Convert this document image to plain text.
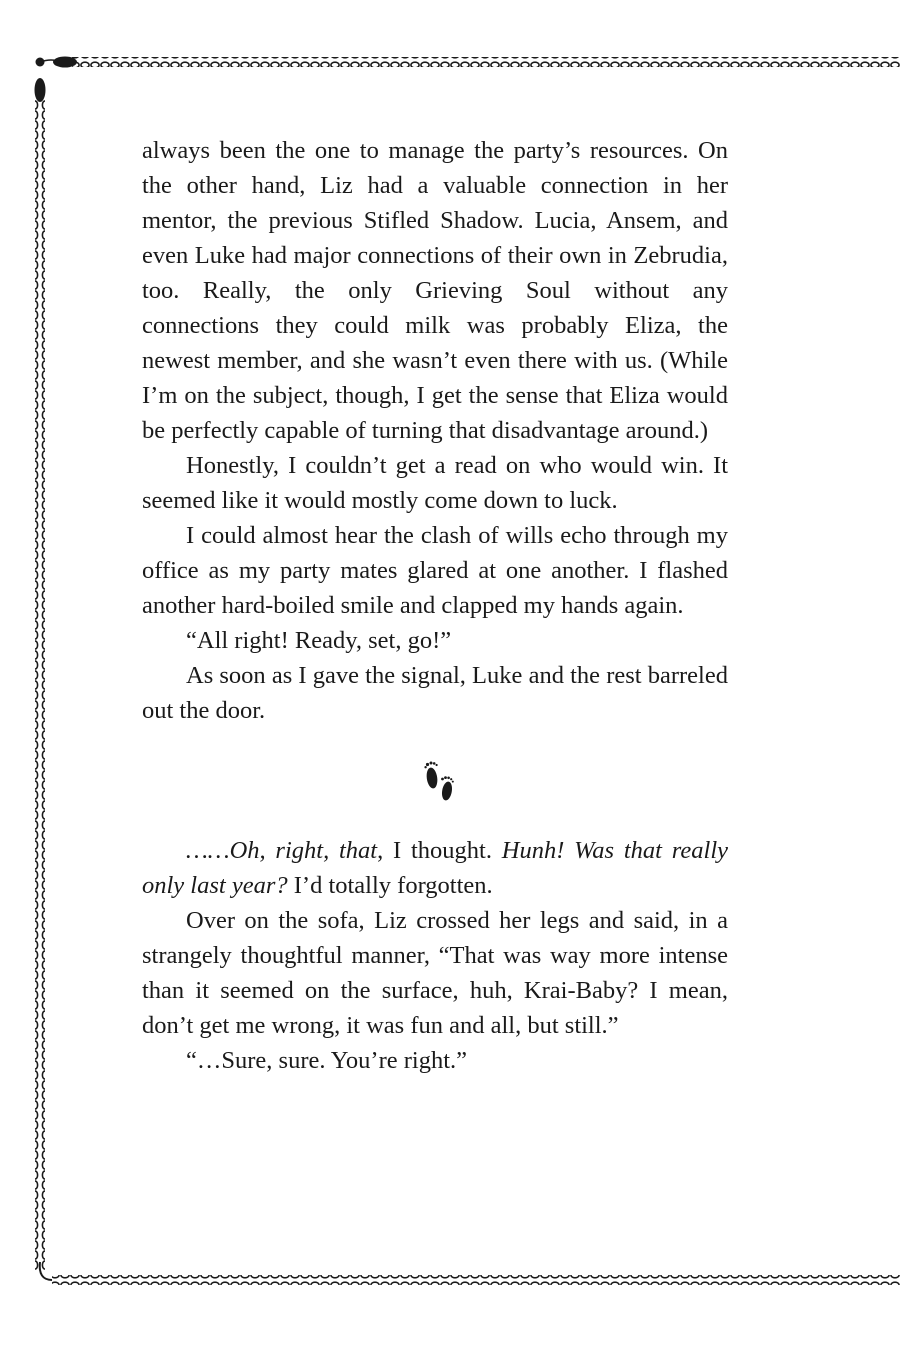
always been the one to manage the party’s resources. On the other hand, Liz had a valuable connection in her mentor, the previous Stifled Shadow. Lucia, Ansem, and even Luke had major connections of their own in Zebrudia, too. Really, the only Grieving Soul without any connections they could milk was probably Eliza, the newest member, and she wasn’t even there with us. (While I’m on the subject, though, I get the sense that Eliza would be perfectly capable of turning that disadvantage around.)

Honestly, I couldn’t get a read on who would win. It seemed like it would mostly come down to luck.

I could almost hear the clash of wills echo through my office as my party mates glared at one another. I flashed another hard-boiled smile and clapped my hands again.

“All right! Ready, set, go!”

As soon as I gave the signal, Luke and the rest barreled out the door.

……Oh, right, that, I thought. Hunh! Was that really only last year? I’d totally forgotten.

Over on the sofa, Liz crossed her legs and said, in a strangely thoughtful manner, “That was way more intense than it seemed on the surface, huh, Krai-Baby? I mean, don’t get me wrong, it was fun and all, but still.”

“…Sure, sure. You’re right.”
